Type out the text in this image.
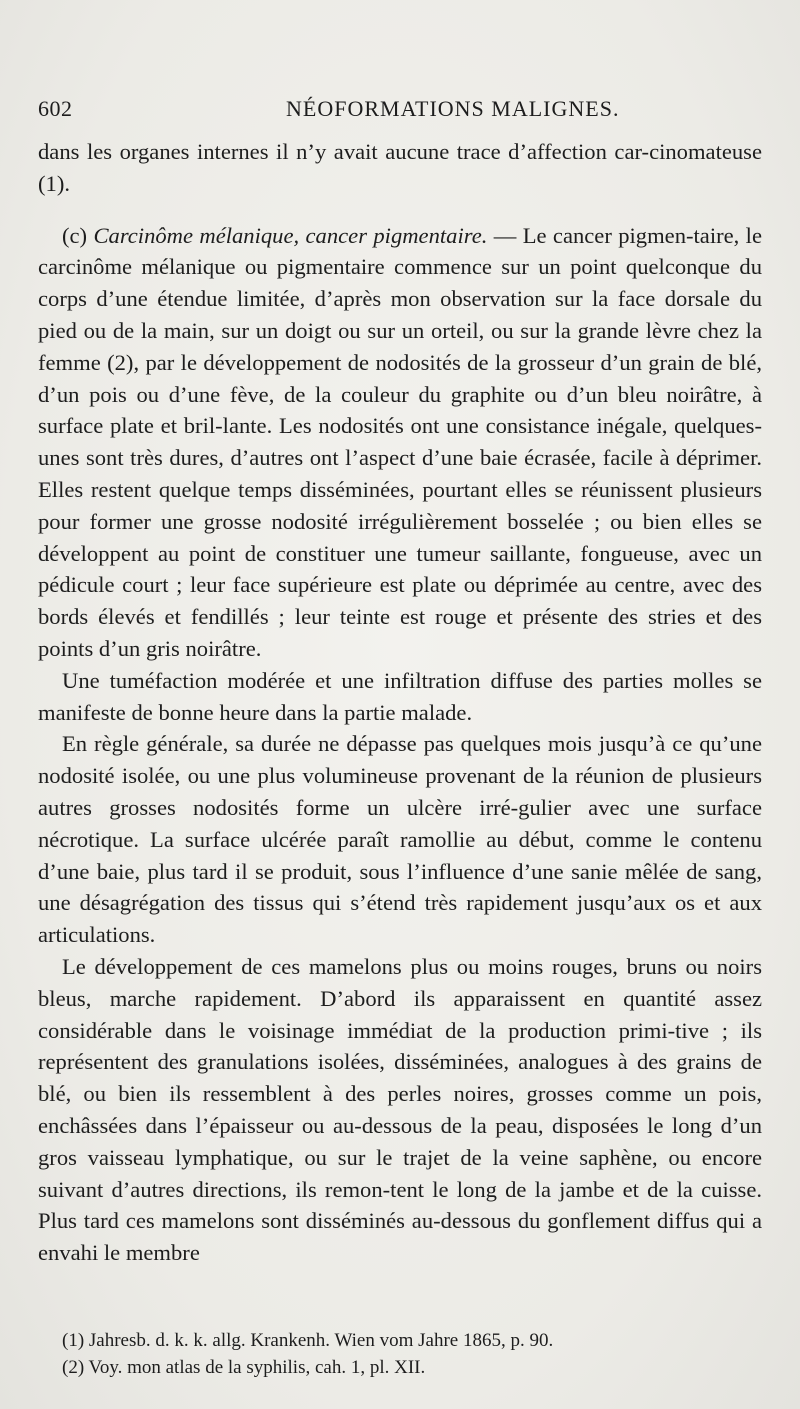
602	NÉOFORMATIONS MALIGNES.

dans les organes internes il n’y avait aucune trace d’affection car-cinomateuse (1).

(c) Carcinôme mélanique, cancer pigmentaire. — Le cancer pigmen-taire, le carcinôme mélanique ou pigmentaire commence sur un point quelconque du corps d’une étendue limitée, d’après mon observation sur la face dorsale du pied ou de la main, sur un doigt ou sur un orteil, ou sur la grande lèvre chez la femme (2), par le développement de nodosités de la grosseur d’un grain de blé, d’un pois ou d’une fève, de la couleur du graphite ou d’un bleu noirâtre, à surface plate et bril-lante. Les nodosités ont une consistance inégale, quelques-unes sont très dures, d’autres ont l’aspect d’une baie écrasée, facile à déprimer. Elles restent quelque temps disséminées, pourtant elles se réunissent plusieurs pour former une grosse nodosité irrégulièrement bosselée ; ou bien elles se développent au point de constituer une tumeur saillante, fongueuse, avec un pédicule court ; leur face supérieure est plate ou déprimée au centre, avec des bords élevés et fendillés ; leur teinte est rouge et présente des stries et des points d’un gris noirâtre.

Une tuméfaction modérée et une infiltration diffuse des parties molles se manifeste de bonne heure dans la partie malade.

En règle générale, sa durée ne dépasse pas quelques mois jusqu’à ce qu’une nodosité isolée, ou une plus volumineuse provenant de la réunion de plusieurs autres grosses nodosités forme un ulcère irré-gulier avec une surface nécrotique. La surface ulcérée paraît ramollie au début, comme le contenu d’une baie, plus tard il se produit, sous l’influence d’une sanie mêlée de sang, une désagrégation des tissus qui s’étend très rapidement jusqu’aux os et aux articulations.

Le développement de ces mamelons plus ou moins rouges, bruns ou noirs bleus, marche rapidement. D’abord ils apparaissent en quantité assez considérable dans le voisinage immédiat de la production primi-tive ; ils représentent des granulations isolées, disséminées, analogues à des grains de blé, ou bien ils ressemblent à des perles noires, grosses comme un pois, enchâssées dans l’épaisseur ou au-dessous de la peau, disposées le long d’un gros vaisseau lymphatique, ou sur le trajet de la veine saphène, ou encore suivant d’autres directions, ils remon-tent le long de la jambe et de la cuisse. Plus tard ces mamelons sont disséminés au-dessous du gonflement diffus qui a envahi le membre

(1) Jahresb. d. k. k. allg. Krankenh. Wien vom Jahre 1865, p. 90.

(2) Voy. mon atlas de la syphilis, cah. 1, pl. XII.
